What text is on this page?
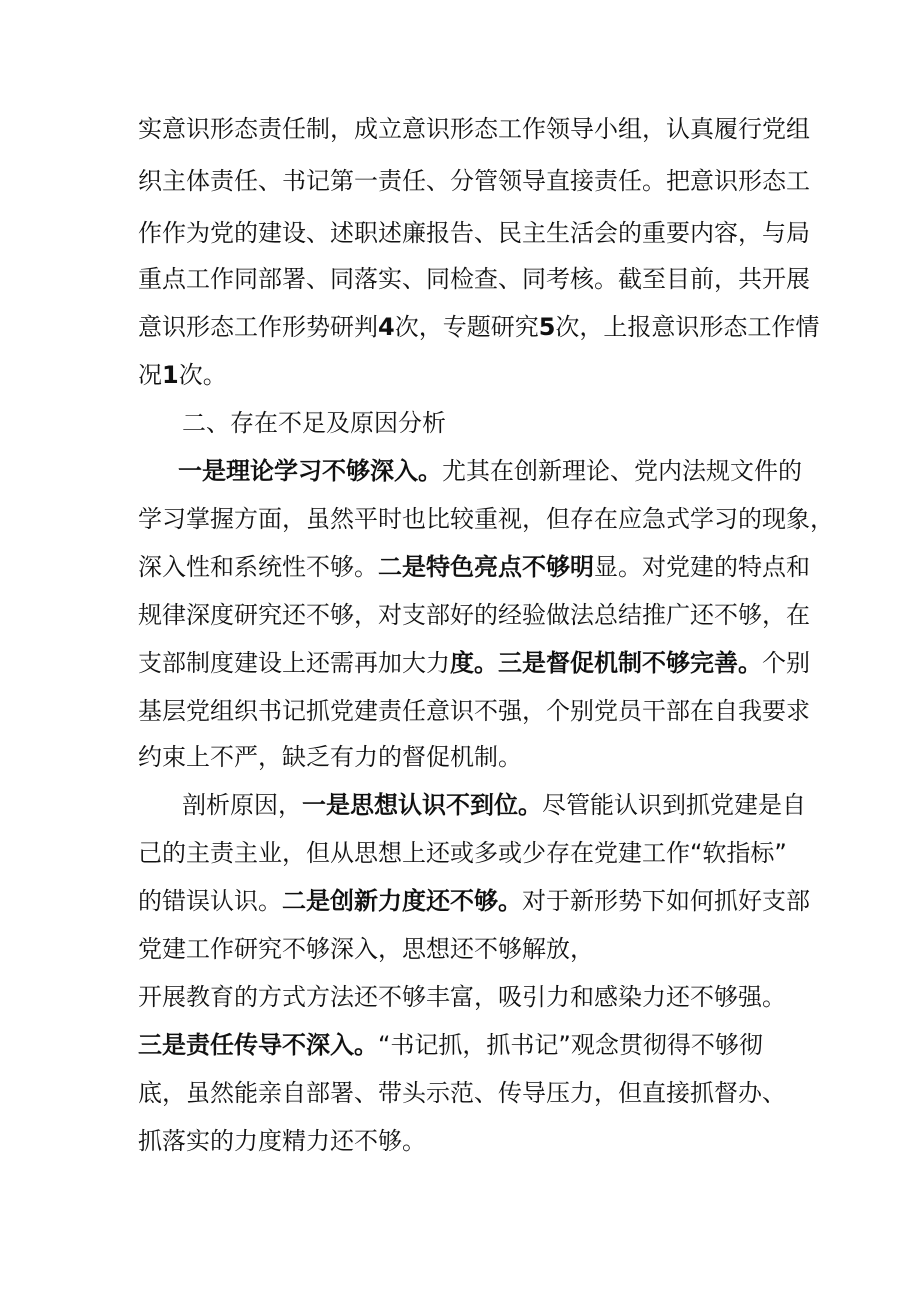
实意识形态责任制，成立意识形态工作领导小组，认真履行党组
织主体责任、书记第一责任、分管领导直接责任。把意识形态工
作作为党的建设、述职述廉报告、民主生活会的重要内容，与局
重点工作同部署、同落实、同检查、同考核。截至目前，共开展
意识形态工作形势研判4次，专题研究5次，上报意识形态工作情
况1次。
二、存在不足及原因分析
一是理论学习不够深入。尤其在创新理论、党内法规文件的
学习掌握方面，虽然平时也比较重视，但存在应急式学习的现象，
深入性和系统性不够。二是特色亮点不够明显。对党建的特点和
规律深度研究还不够，对支部好的经验做法总结推广还不够，在
支部制度建设上还需再加大力度。三是督促机制不够完善。个别
基层党组织书记抓党建责任意识不强，个别党员干部在自我要求
约束上不严，缺乏有力的督促机制。
剖析原因，一是思想认识不到位。尽管能认识到抓党建是自
己的主责主业，但从思想上还或多或少存在党建工作“软指标”
的错误认识。二是创新力度还不够。对于新形势下如何抓好支部
党建工作研究不够深入，思想还不够解放，
开展教育的方式方法还不够丰富，吸引力和感染力还不够强。
三是责任传导不深入。“书记抓，抓书记”观念贯彻得不够彻
底，虽然能亲自部署、带头示范、传导压力，但直接抓督办、
抓落实的力度精力还不够。
